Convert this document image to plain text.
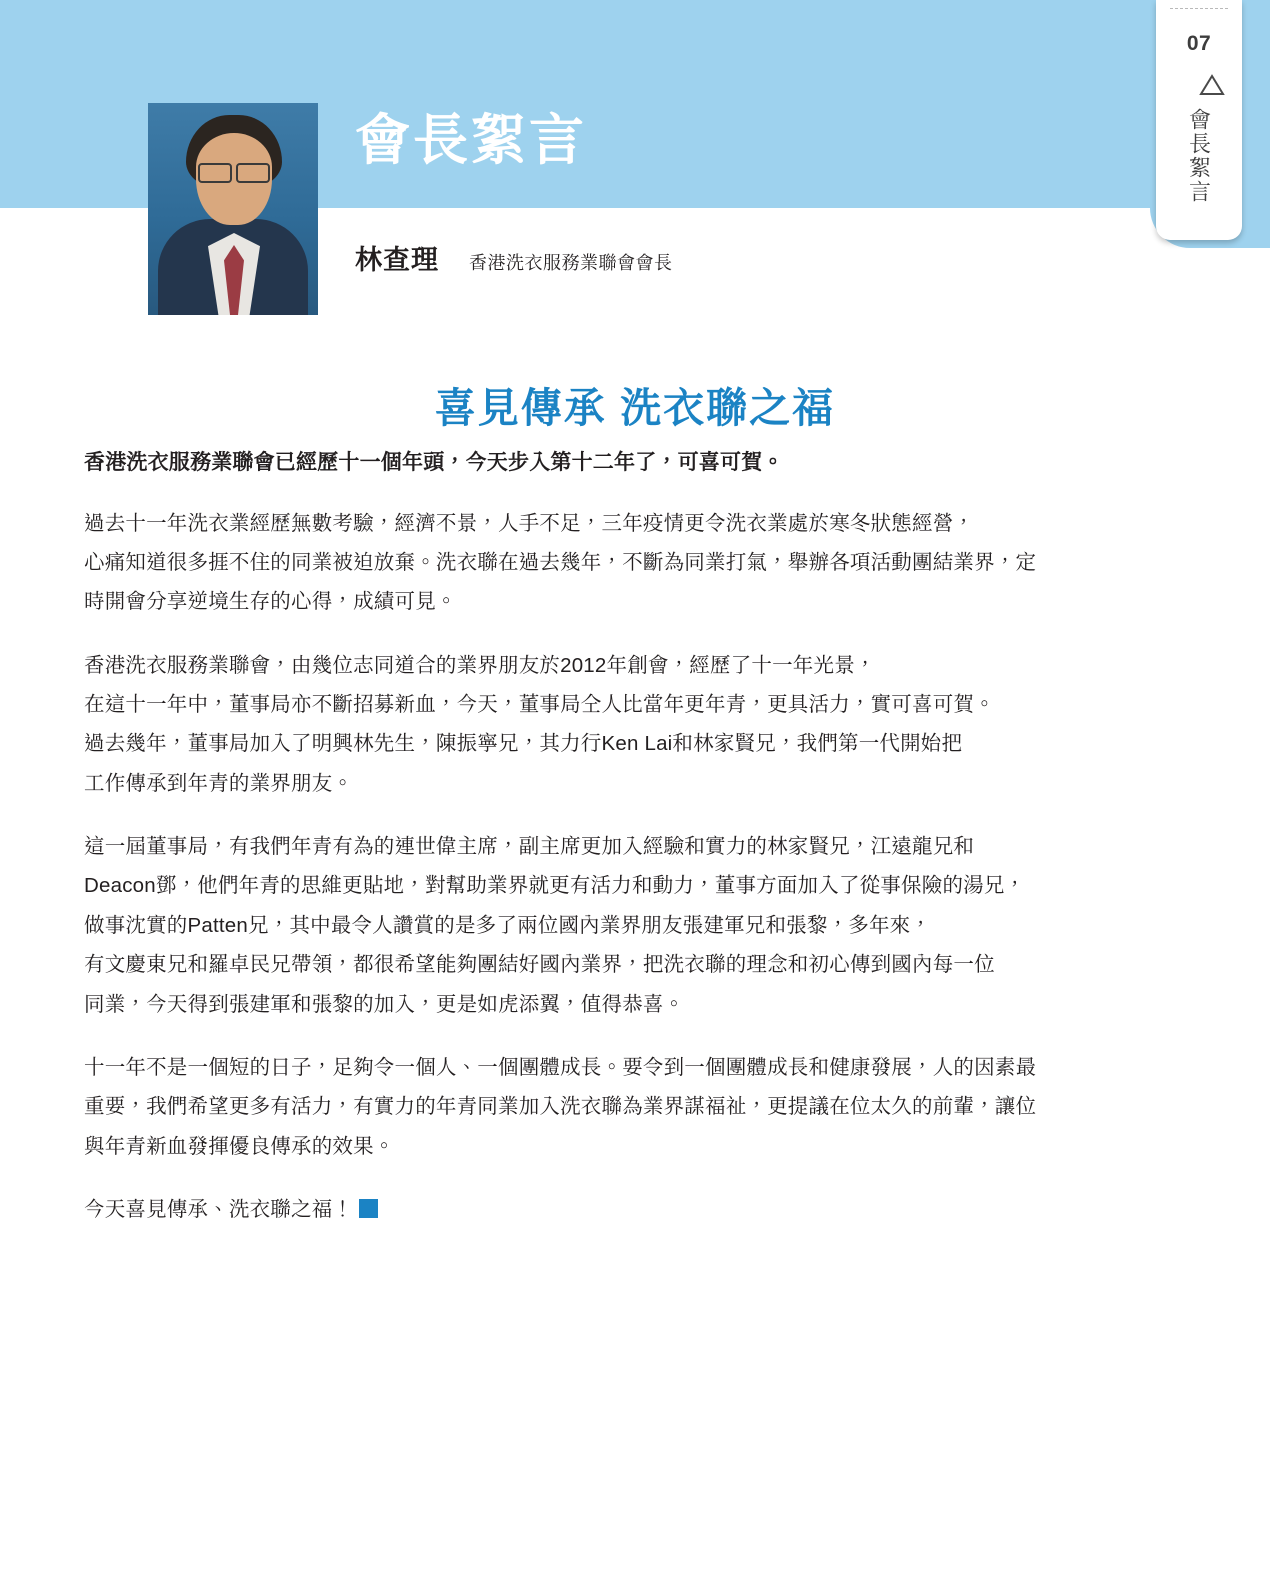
07
會長絮言
會長絮言
林查理 香港洗衣服務業聯會會長
喜見傳承 洗衣聯之福

香港洗衣服務業聯會已經歷十一個年頭，今天步入第十二年了，可喜可賀。

過去十一年洗衣業經歷無數考驗，經濟不景，人手不足，三年疫情更令洗衣業處於寒冬狀態經營，
心痛知道很多捱不住的同業被迫放棄。洗衣聯在過去幾年，不斷為同業打氣，舉辦各項活動團結業界，定
時開會分享逆境生存的心得，成績可見。

香港洗衣服務業聯會，由幾位志同道合的業界朋友於2012年創會，經歷了十一年光景，
在這十一年中，董事局亦不斷招募新血，今天，董事局仝人比當年更年青，更具活力，實可喜可賀。
過去幾年，董事局加入了明興林先生，陳振寧兄，其力行Ken Lai和林家賢兄，我們第一代開始把
工作傳承到年青的業界朋友。

這一屆董事局，有我們年青有為的連世偉主席，副主席更加入經驗和實力的林家賢兄，江遠龍兄和
Deacon鄧，他們年青的思維更貼地，對幫助業界就更有活力和動力，董事方面加入了從事保險的湯兄，
做事沈實的Patten兄，其中最令人讚賞的是多了兩位國內業界朋友張建軍兄和張黎，多年來，
有文慶東兄和羅卓民兄帶領，都很希望能夠團結好國內業界，把洗衣聯的理念和初心傳到國內每一位
同業，今天得到張建軍和張黎的加入，更是如虎添翼，值得恭喜。

十一年不是一個短的日子，足夠令一個人、一個團體成長。要令到一個團體成長和健康發展，人的因素最
重要，我們希望更多有活力，有實力的年青同業加入洗衣聯為業界謀福祉，更提議在位太久的前輩，讓位
與年青新血發揮優良傳承的效果。

今天喜見傳承、洗衣聯之福！
